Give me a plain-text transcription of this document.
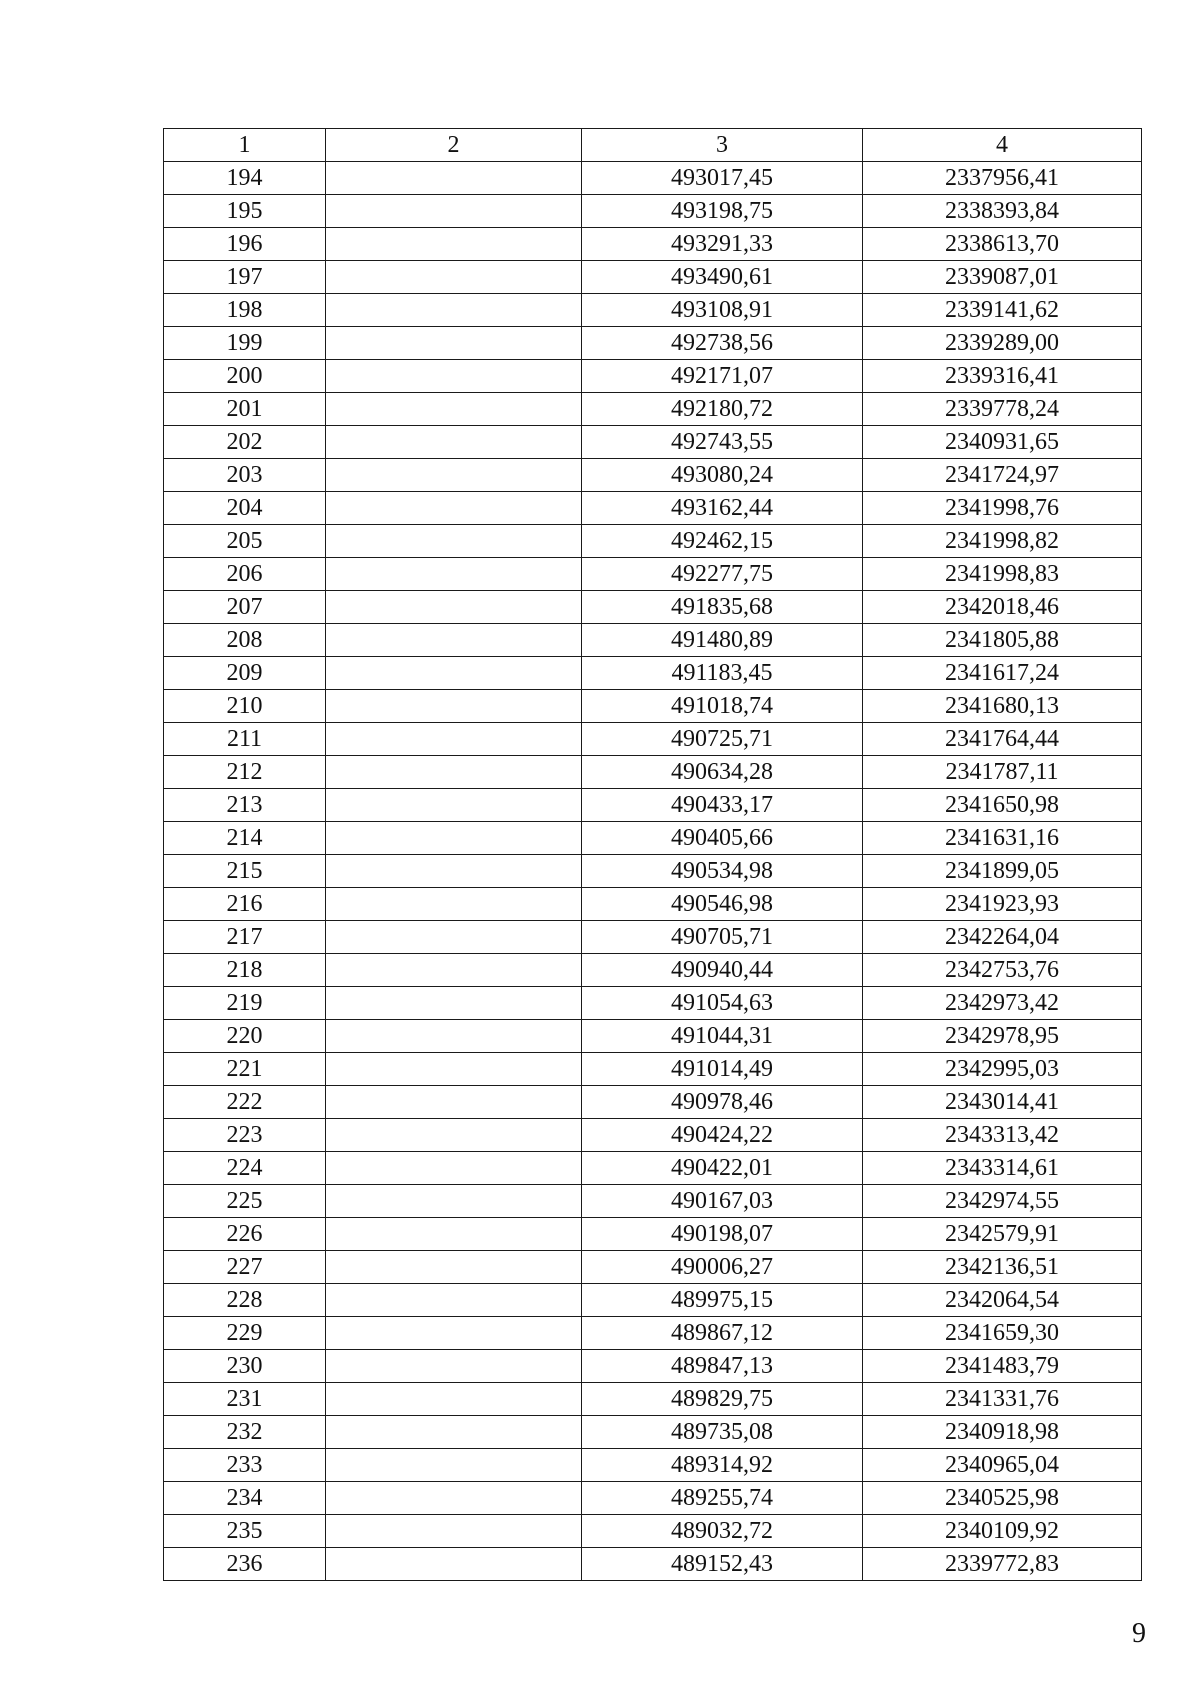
1	2	3	4
194		493017,45	2337956,41
195		493198,75	2338393,84
196		493291,33	2338613,70
197		493490,61	2339087,01
198		493108,91	2339141,62
199		492738,56	2339289,00
200		492171,07	2339316,41
201		492180,72	2339778,24
202		492743,55	2340931,65
203		493080,24	2341724,97
204		493162,44	2341998,76
205		492462,15	2341998,82
206		492277,75	2341998,83
207		491835,68	2342018,46
208		491480,89	2341805,88
209		491183,45	2341617,24
210		491018,74	2341680,13
211		490725,71	2341764,44
212		490634,28	2341787,11
213		490433,17	2341650,98
214		490405,66	2341631,16
215		490534,98	2341899,05
216		490546,98	2341923,93
217		490705,71	2342264,04
218		490940,44	2342753,76
219		491054,63	2342973,42
220		491044,31	2342978,95
221		491014,49	2342995,03
222		490978,46	2343014,41
223		490424,22	2343313,42
224		490422,01	2343314,61
225		490167,03	2342974,55
226		490198,07	2342579,91
227		490006,27	2342136,51
228		489975,15	2342064,54
229		489867,12	2341659,30
230		489847,13	2341483,79
231		489829,75	2341331,76
232		489735,08	2340918,98
233		489314,92	2340965,04
234		489255,74	2340525,98
235		489032,72	2340109,92
236		489152,43	2339772,83
9
